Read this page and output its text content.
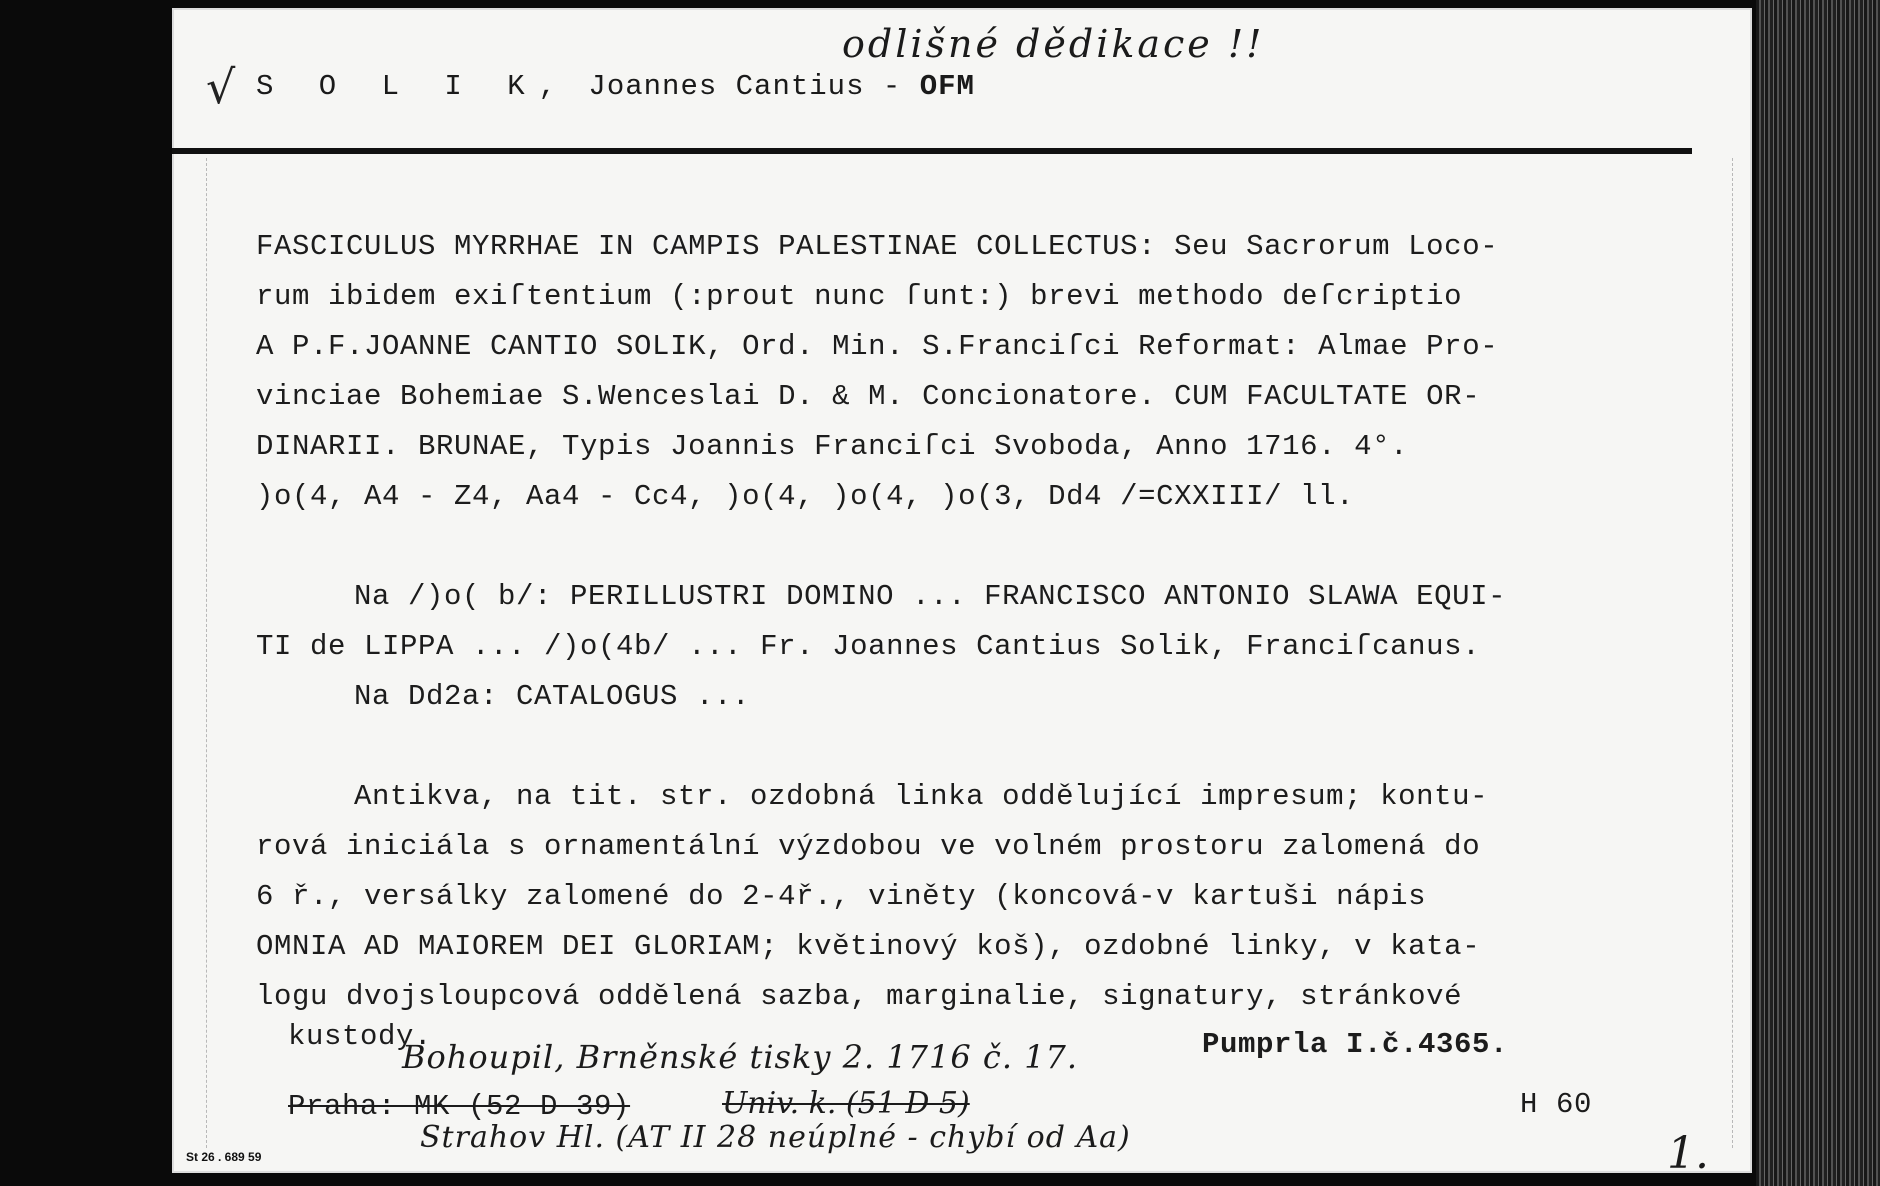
√
odlišné dědikace !!
S O L I K, Joannes Cantius - OFM
FASCICULUS MYRRHAE IN CAMPIS PALESTINAE COLLECTUS: Seu Sacrorum Loco-
rum ibidem exiſtentium (:prout nunc ſunt:) brevi methodo deſcriptio
A P.F.JOANNE CANTIO SOLIK, Ord. Min. S.Franciſci Reformat: Almae Pro-
vinciae Bohemiae S.Wenceslai D. & M. Concionatore. CUM FACULTATE OR-
DINARII. BRUNAE, Typis Joannis Franciſci Svoboda, Anno 1716. 4°.
)o(4, A4 - Z4, Aa4 - Cc4, )o(4, )o(4, )o(3, Dd4 /=CXXIII/ ll.
Na /)o( b/: PERILLUSTRI DOMINO ... FRANCISCO ANTONIO SLAWA EQUI-
TI de LIPPA ... /)o(4b/ ... Fr. Joannes Cantius Solik, Franciſcanus.
Na Dd2a: CATALOGUS ...
Antikva, na tit. str. ozdobná linka oddělující impresum; kontu-
rová iniciála s ornamentální výzdobou ve volném prostoru zalomená do
6 ř., versálky zalomené do 2-4ř., viněty (koncová-v kartuši nápis
OMNIA AD MAIOREM DEI GLORIAM; květinový koš), ozdobné linky, v kata-
logu dvojsloupcová oddělená sazba, marginalie, signatury, stránkové
kustody.	Pumprla I.č.4365.
Bohoupil, Brněnské tisky 2. 1716 č. 17.
Praha: MK (52 D 39)	Univ. k. (51 D 5)	H 60
Strahov Hl. (AT II 28 neúplné - chybí od Aa)	1.
St 26 . 689 59
